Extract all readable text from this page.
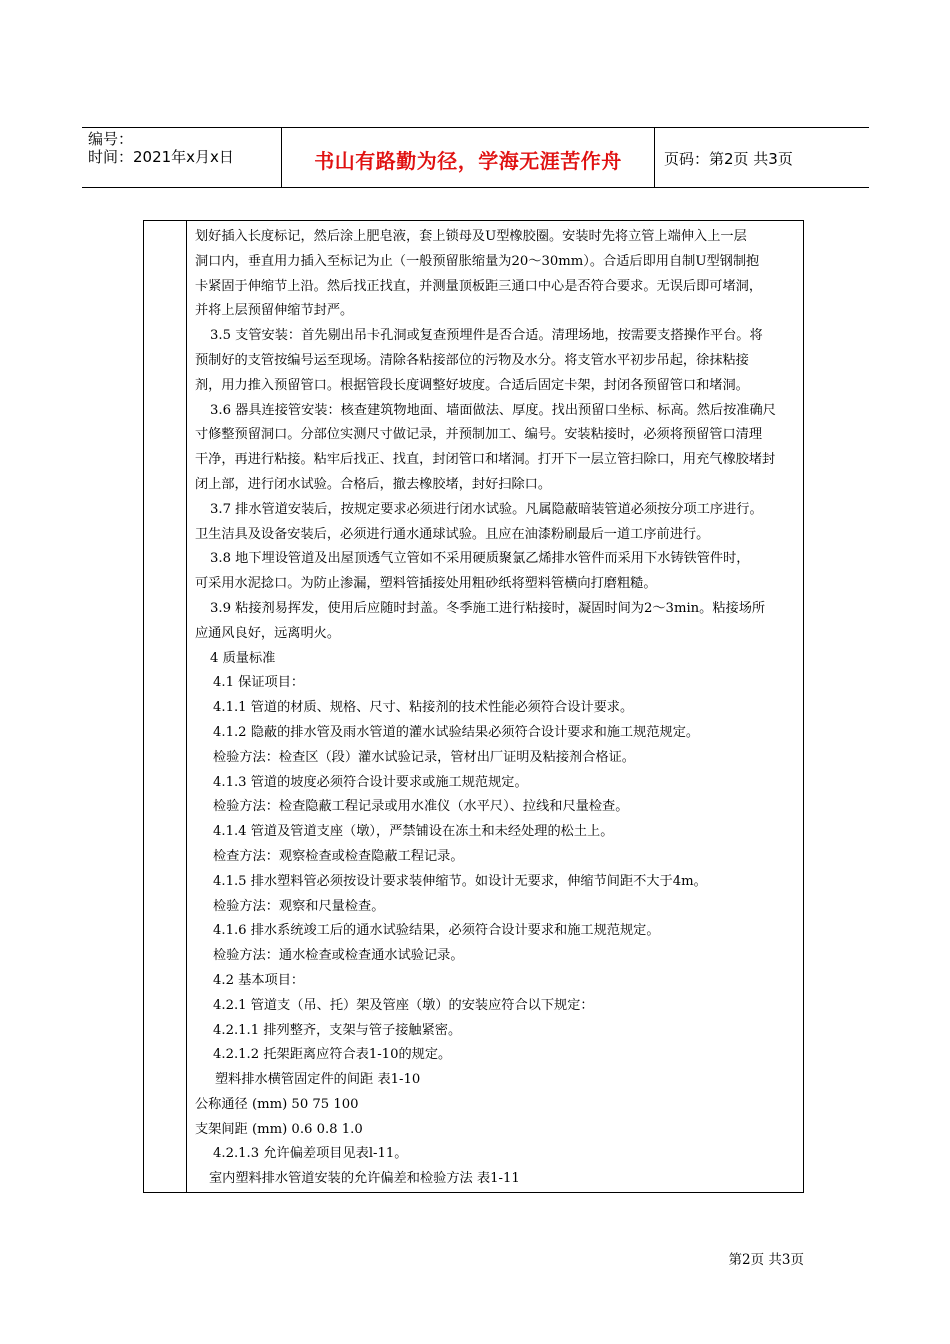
编号：
时间：2021年x月x日	书山有路勤为径，学海无涯苦作舟	页码：第2页 共3页
划好插入长度标记，然后涂上肥皂液，套上锁母及U型橡胶圈。安装时先将立管上端伸入上一层
洞口内，垂直用力插入至标记为止（一般预留胀缩量为20～30mm）。合适后即用自制U型钢制抱
卡紧固于伸缩节上沿。然后找正找直，并测量顶板距三通口中心是否符合要求。无误后即可堵洞，
并将上层预留伸缩节封严。
3.5 支管安装：首先剔出吊卡孔洞或复查预埋件是否合适。清理场地，按需要支搭操作平台。将
预制好的支管按编号运至现场。清除各粘接部位的污物及水分。将支管水平初步吊起，徐抹粘接
剂，用力推入预留管口。根据管段长度调整好坡度。合适后固定卡架，封闭各预留管口和堵洞。
3.6 器具连接管安装：核查建筑物地面、墙面做法、厚度。找出预留口坐标、标高。然后按准确尺
寸修整预留洞口。分部位实测尺寸做记录，并预制加工、编号。安装粘接时，必须将预留管口清理
干净，再进行粘接。粘牢后找正、找直，封闭管口和堵洞。打开下一层立管扫除口，用充气橡胶堵封
闭上部，进行闭水试验。合格后，撤去橡胶堵，封好扫除口。
3.7 排水管道安装后，按规定要求必须进行闭水试验。凡属隐蔽暗装管道必须按分项工序进行。
卫生洁具及设备安装后，必须进行通水通球试验。且应在油漆粉刷最后一道工序前进行。
3.8 地下埋设管道及出屋顶透气立管如不采用硬质聚氯乙烯排水管件而采用下水铸铁管件时，
可采用水泥捻口。为防止渗漏，塑料管插接处用粗砂纸将塑料管横向打磨粗糙。
3.9 粘接剂易挥发，使用后应随时封盖。冬季施工进行粘接时，凝固时间为2～3min。粘接场所
应通风良好，远离明火。
4 质量标准
4.1 保证项目：
4.1.1 管道的材质、规格、尺寸、粘接剂的技术性能必须符合设计要求。
4.1.2 隐蔽的排水管及雨水管道的灌水试验结果必须符合设计要求和施工规范规定。
检验方法：检查区（段）灌水试验记录，管材出厂证明及粘接剂合格证。
4.1.3 管道的坡度必须符合设计要求或施工规范规定。
检验方法：检查隐蔽工程记录或用水准仪（水平尺）、拉线和尺量检查。
4.1.4 管道及管道支座（墩），严禁铺设在冻土和未经处理的松土上。
检查方法：观察检查或检查隐蔽工程记录。
4.1.5 排水塑料管必须按设计要求装伸缩节。如设计无要求，伸缩节间距不大于4m。
检验方法：观察和尺量检查。
4.1.6 排水系统竣工后的通水试验结果，必须符合设计要求和施工规范规定。
检验方法：通水检查或检查通水试验记录。
4.2 基本项目：
4.2.1 管道支（吊、托）架及管座（墩）的安装应符合以下规定：
4.2.1.1 排列整齐，支架与管子接触紧密。
4.2.1.2 托架距离应符合表1-10的规定。
塑料排水横管固定件的间距 表1-10
公称通径 (mm) 50 75 100
支架间距 (mm) 0.6 0.8 1.0
4.2.1.3 允许偏差项目见表l-11。
室内塑料排水管道安装的允许偏差和检验方法 表1-11
第2页 共3页
